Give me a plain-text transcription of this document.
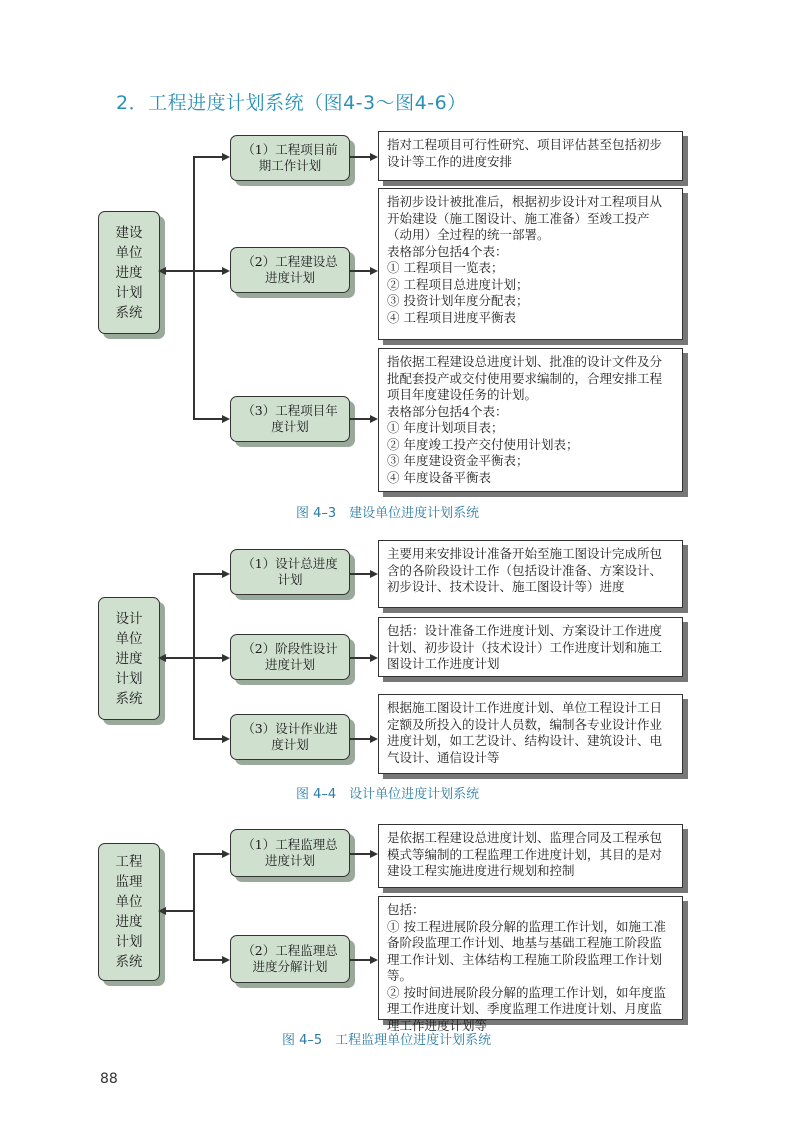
2．工程进度计划系统（图4-3～图4-6）
建设
单位
进度
计划
系统
（1）工程项目前期工作计划
（2）工程建设总进度计划
（3）工程项目年度计划
指对工程项目可行性研究、项目评估甚至包括初步设计等工作的进度安排
指初步设计被批准后，根据初步设计对工程项目从开始建设（施工图设计、施工准备）至竣工投产（动用）全过程的统一部署。
表格部分包括4个表：
① 工程项目一览表；
② 工程项目总进度计划；
③ 投资计划年度分配表；
④ 工程项目进度平衡表
指依据工程建设总进度计划、批准的设计文件及分批配套投产或交付使用要求编制的，合理安排工程项目年度建设任务的计划。
表格部分包括4个表：
① 年度计划项目表；
② 年度竣工投产交付使用计划表；
③ 年度建设资金平衡表；
④ 年度设备平衡表
图 4–3　建设单位进度计划系统
设计
单位
进度
计划
系统
（1）设计总进度计划
（2）阶段性设计进度计划
（3）设计作业进度计划
主要用来安排设计准备开始至施工图设计完成所包含的各阶段设计工作（包括设计准备、方案设计、初步设计、技术设计、施工图设计等）进度
包括：设计准备工作进度计划、方案设计工作进度计划、初步设计（技术设计）工作进度计划和施工图设计工作进度计划
根据施工图设计工作进度计划、单位工程设计工日定额及所投入的设计人员数，编制各专业设计作业进度计划，如工艺设计、结构设计、建筑设计、电气设计、通信设计等
图 4–4　设计单位进度计划系统
工程
监理
单位
进度
计划
系统
（1）工程监理总进度计划
（2）工程监理总进度分解计划
是依据工程建设总进度计划、监理合同及工程承包模式等编制的工程监理工作进度计划，其目的是对建设工程实施进度进行规划和控制
包括：
① 按工程进展阶段分解的监理工作计划，如施工准备阶段监理工作计划、地基与基础工程施工阶段监理工作计划、主体结构工程施工阶段监理工作计划等。
② 按时间进展阶段分解的监理工作计划，如年度监理工作进度计划、季度监理工作进度计划、月度监理工作进度计划等
图 4–5　工程监理单位进度计划系统
88
